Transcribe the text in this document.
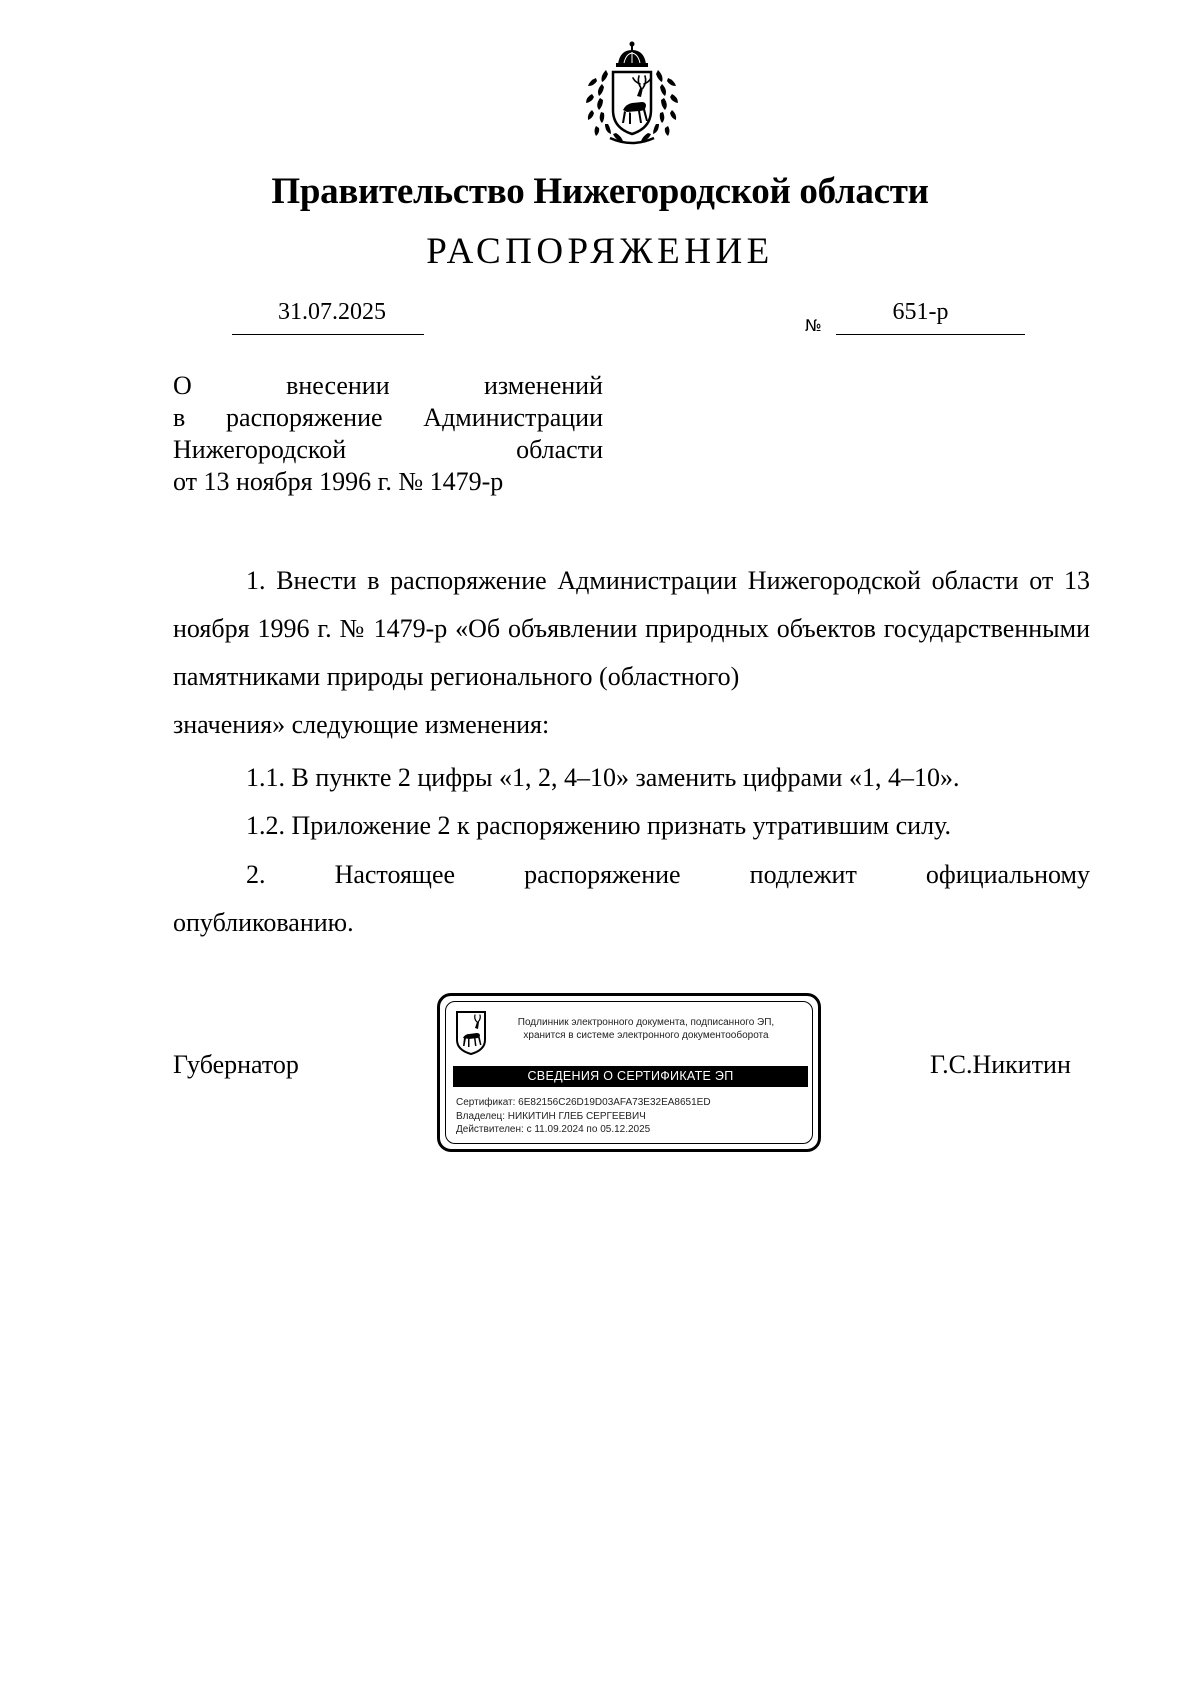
Правительство Нижегородской области
РАСПОРЯЖЕНИЕ
31.07.2025
№
651-р
О	внесении	изменений
в распоряжение Администрации
Нижегородской	области
от 13 ноября 1996 г. № 1479-р
1. Внести в распоряжение Администрации Нижегородской области от 13 ноября 1996 г. № 1479-р «Об объявлении природных объектов государственными памятниками природы регионального (областного)
значения» следующие изменения:
1.1. В пункте 2 цифры «1, 2, 4–10» заменить цифрами «1, 4–10».
1.2. Приложение 2 к распоряжению признать утратившим силу.
2.	Настоящее	распоряжение	подлежит	официальному
опубликованию.
Губернатор	Г.С.Никитин
Подлинник электронного документа, подписанного ЭП,
хранится в системе электронного документооборота
СВЕДЕНИЯ О СЕРТИФИКАТЕ ЭП
Сертификат: 6E82156C26D19D03AFA73E32EA8651ED
Владелец: НИКИТИН ГЛЕБ СЕРГЕЕВИЧ
Действителен: с 11.09.2024 по 05.12.2025
